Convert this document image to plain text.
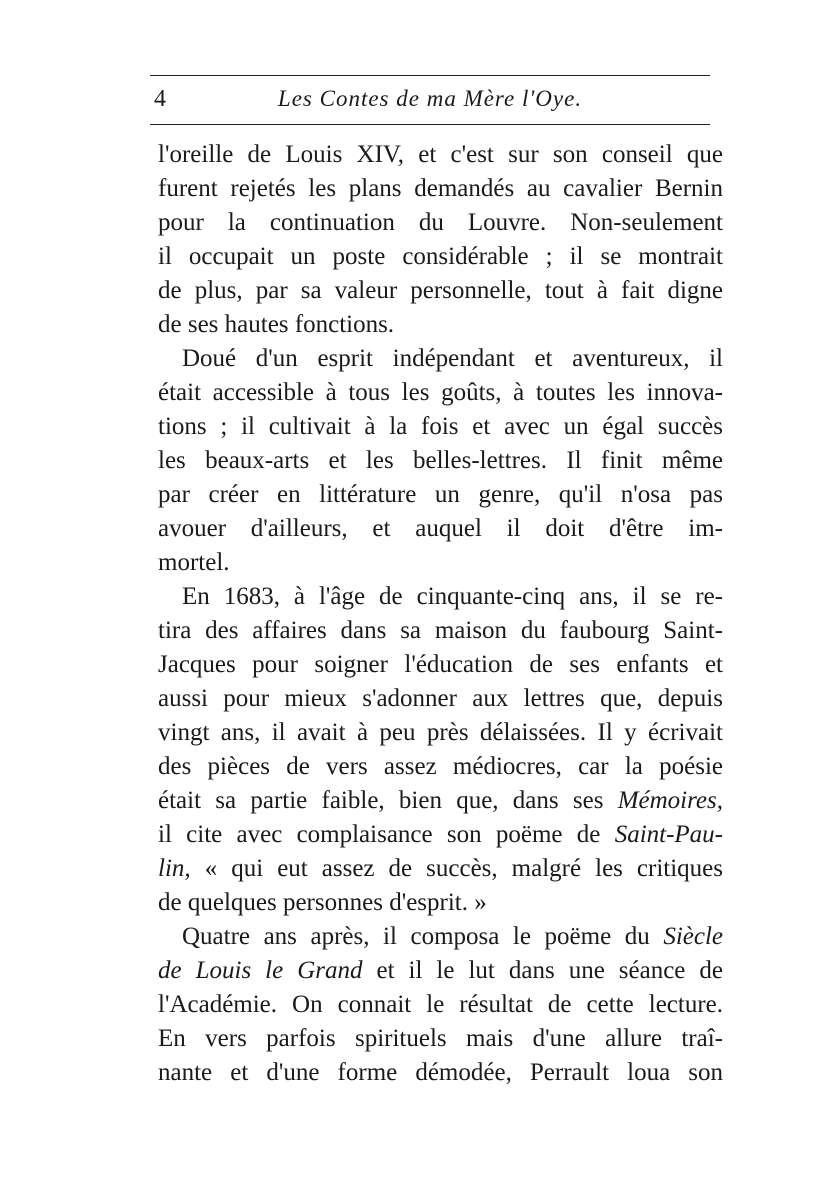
4	Les Contes de ma Mère l'Oye.
l'oreille de Louis XIV, et c'est sur son conseil que
furent rejetés les plans demandés au cavalier Bernin
pour la continuation du Louvre. Non-seulement
il occupait un poste considérable ; il se montrait
de plus, par sa valeur personnelle, tout à fait digne
de ses hautes fonctions.
Doué d'un esprit indépendant et aventureux, il
était accessible à tous les goûts, à toutes les innova-
tions ; il cultivait à la fois et avec un égal succès
les beaux-arts et les belles-lettres. Il finit même
par créer en littérature un genre, qu'il n'osa pas
avouer d'ailleurs, et auquel il doit d'être im-
mortel.
En 1683, à l'âge de cinquante-cinq ans, il se re-
tira des affaires dans sa maison du faubourg Saint-
Jacques pour soigner l'éducation de ses enfants et
aussi pour mieux s'adonner aux lettres que, depuis
vingt ans, il avait à peu près délaissées. Il y écrivait
des pièces de vers assez médiocres, car la poésie
était sa partie faible, bien que, dans ses Mémoires,
il cite avec complaisance son poëme de Saint-Pau-
lin, « qui eut assez de succès, malgré les critiques
de quelques personnes d'esprit. »
Quatre ans après, il composa le poëme du Siècle
de Louis le Grand et il le lut dans une séance de
l'Académie. On connait le résultat de cette lecture.
En vers parfois spirituels mais d'une allure traî-
nante et d'une forme démodée, Perrault loua son
